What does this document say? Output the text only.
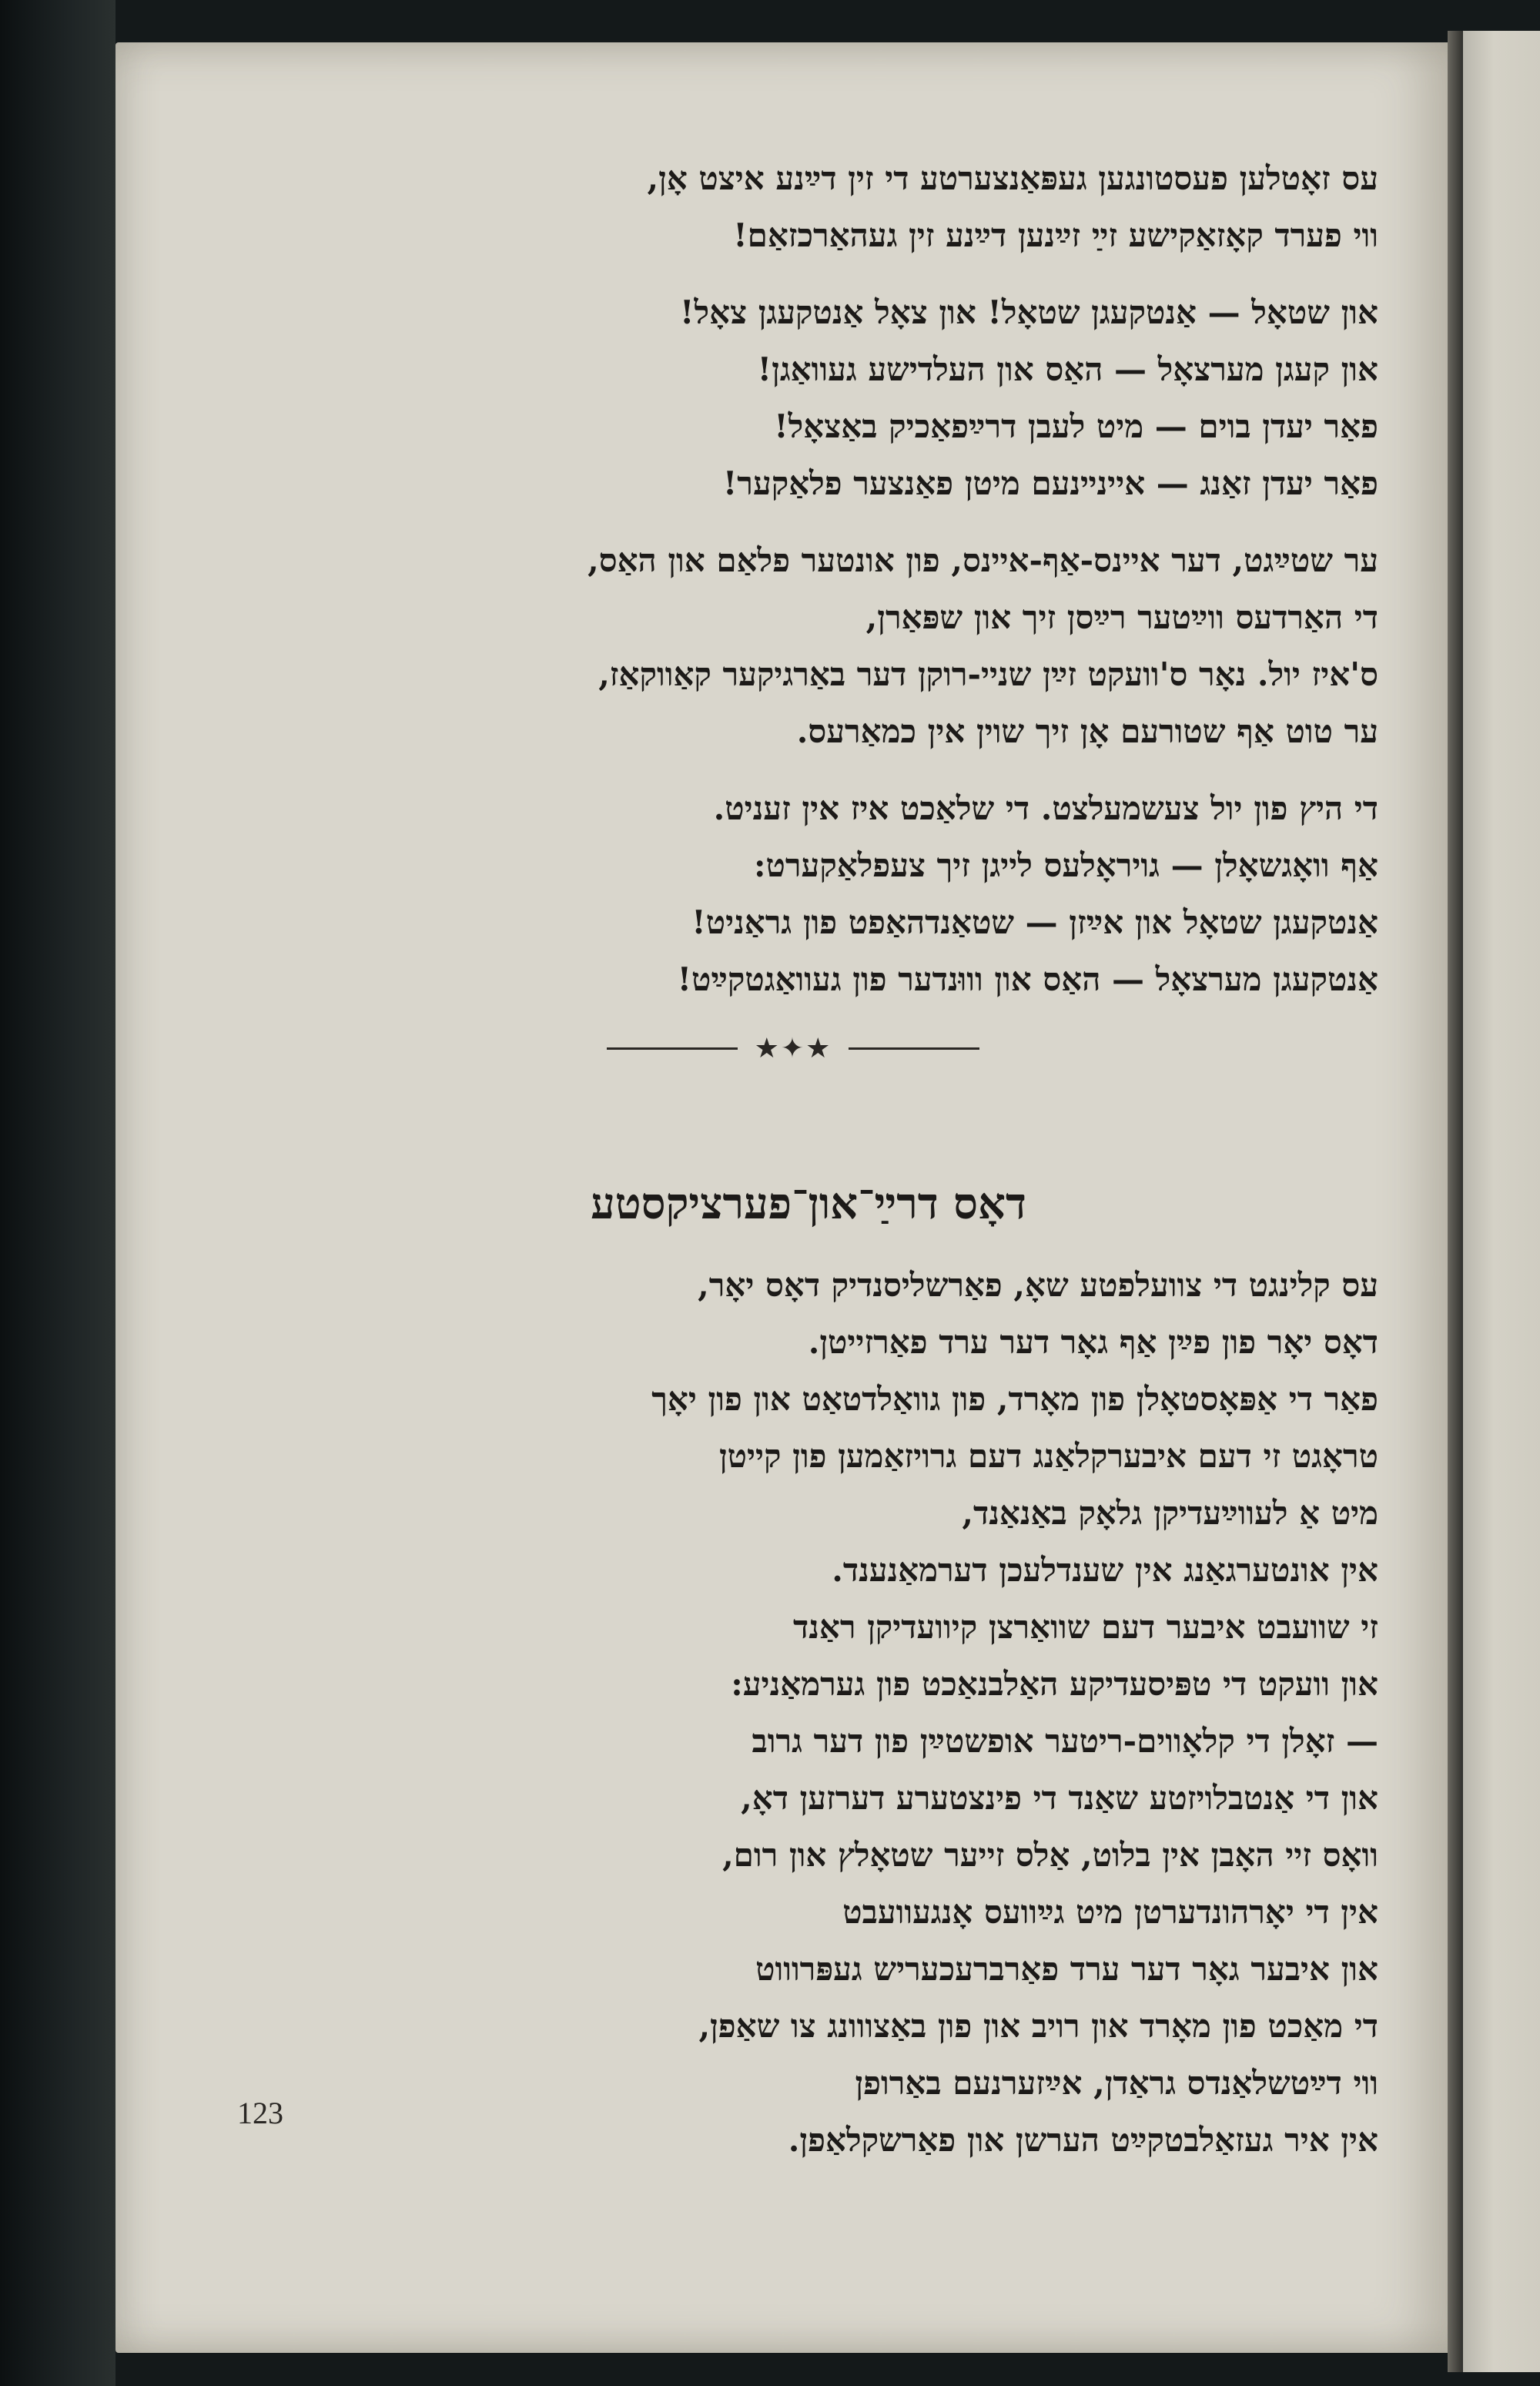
עס זאָטלען פעסטונגען געפּאַנצערטע די זין דײַנע איצט אָן,
ווי פערד קאָזאַקישע זײַ זײַנען דײַנע זין געהאַרכזאַם!
און שטאָל — אַנטקעגן שטאָל! און צאָל אַנטקעגן צאָל!
און קעגן מערצאָל — האַס און העלדישע געוואַגן!
פאַר יעדן בוים — מיט לעבן דרײַפאַכיק באַצאָל!
פאַר יעדן זאַנג — איינײנעם מיטן פאַנצער פלאַקער!
ער שטײַגט, דער איינס-אַף-איינס, פון אונטער פלאַם און האַס,
די האַרדעס ווײַטער רײַסן זיך און שפּאַרן,
ס'איז יול. נאָר ס'וועקט זײַן שניי-רוקן דער באַרגיקער קאַווקאַז,
ער טוט אַף שטורעם אָן זיך שוין אין כמאַרעס.
די היץ פון יול צעשמעלצט. די שלאַכט איז אין זעניט.
אַף וואָגשאָלן — גויראָלעס לייגן זיך צעפלאַקערט:
אַנטקעגן שטאָל און אײַזן — שטאַנדהאַפט פון גראַניט!
אַנטקעגן מערצאָל — האַס און וווּנדער פון געוואַגטקײַט!
★✦★
דאָס דרײַ־און־פערציקסטע
עס קלינגט די צוועלפטע שאָ, פאַרשליסנדיק דאָס יאָר,
דאָס יאָר פון פײַן אַף גאָר דער ערד פאַרזייטן.
פאַר די אַפּאָסטאָלן פון מאָרד, פון גוואַלדטאַט און פון יאָך
טראָגט זי דעם איבערקלאַנג דעם גרויזאַמען פון קייטן
מיט אַ לעווײַעדיקן גלאָק באַנאַנד,
אין אונטערגאַנג אין שענדלעכן דערמאַנענד.
זי שוועבט איבער דעם שוואַרצן קיוועדיקן ראַנד
און וועקט די טפּיסעדיקע האַלבנאַכט פון גערמאַניע:
— זאָלן די קלאָווים-ריטער אופשטײַן פון דער גרוב
און די אַנטבלויזטע שאַנד די פינצטערע דערזען דאָ,
וואָס זיי האָבן אין בלוט, אַלס זייער שטאָלץ און רום,
אין די יאָרהונדערטן מיט גײַוועס אָנגעוועבט
און איבער גאָר דער ערד פאַרברעכעריש געפּרוווט
די מאַכט פון מאָרד און רויב און פון באַצווונג צו שאַפן,
ווי דײַטשלאַנדס גראַדן, אײַזערנעם באַרופן
אין איר געזאַלבטקײַט הערשן און פאַרשקלאַפן.
123
